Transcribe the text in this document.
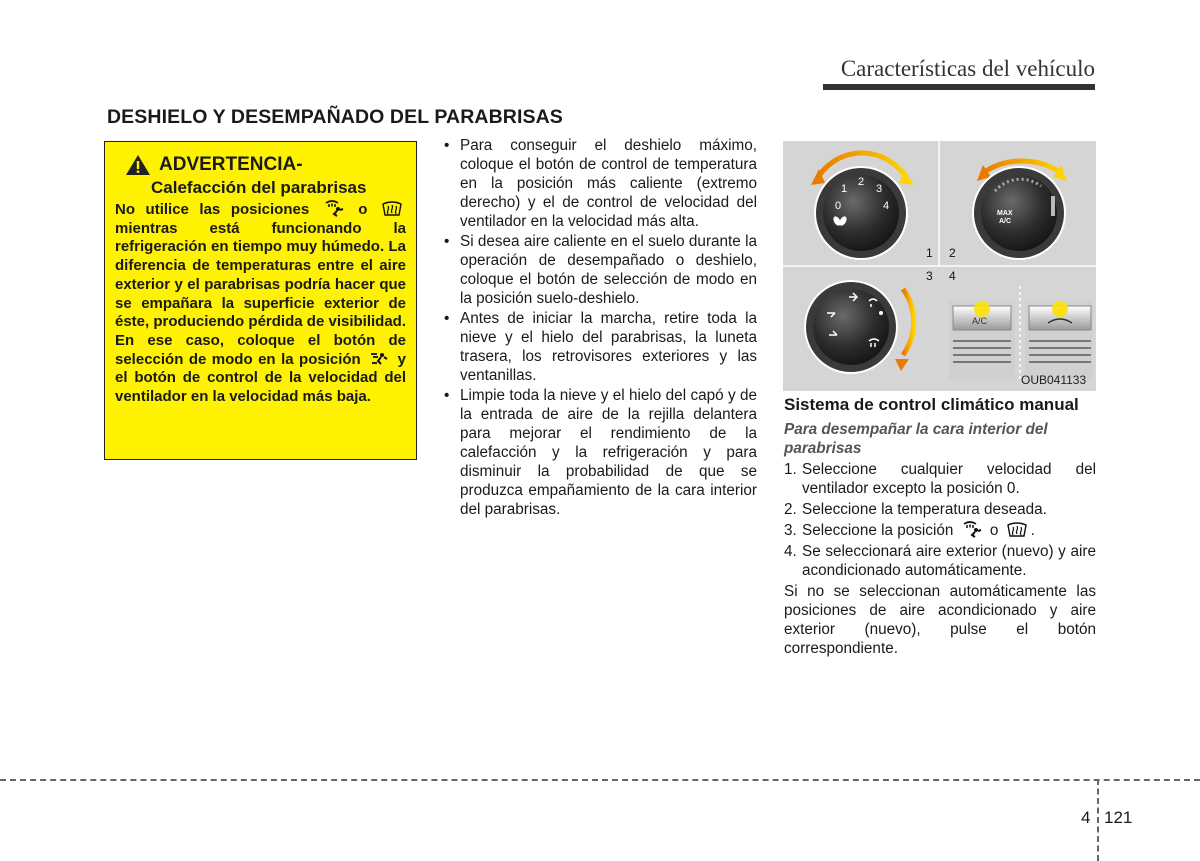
Características del vehículo
DESHIELO Y DESEMPAÑADO DEL PARABRISAS
ADVERTENCIA -
Calefacción del parabrisas
No utilice las posiciones	o  mientras está funcionando la refrigeración en tiempo muy húmedo. La diferencia de temperaturas entre el aire exterior y el parabrisas podría hacer que se empañara la superficie exterior de éste, produciendo pérdida de visibilidad. En ese caso, coloque el botón de selección de modo en la posición y el botón de control de la velocidad del ventilador en la velocidad más baja.
• Para conseguir el deshielo máximo, coloque el botón de control de temperatura en la posición más caliente (extremo derecho) y el de control de velocidad del ventilador en la velocidad más alta.
• Si desea aire caliente en el suelo durante la operación de desempañado o deshielo, coloque el botón de selección de modo en la posición suelo-deshielo.
• Antes de iniciar la marcha, retire toda la nieve y el hielo del parabrisas, la luneta trasera, los retrovisores exteriores y las ventanillas.
• Limpie toda la nieve y el hielo del capó y de la entrada de aire de la rejilla delantera para mejorar el rendimiento de la calefacción y la refrigeración y para disminuir la probabilidad de que se produzca empañamiento de la cara interior del parabrisas.
0
1
2
3
4
MAX
A/C
1 2
3 4
A/C
OUB041133
Sistema de control climático manual
Para desempañar la cara interior del parabrisas
1. Seleccione cualquier velocidad del ventilador excepto la posición 0.
2. Seleccione la temperatura deseada.
3. Seleccione la posición o .
4. Se seleccionará aire exterior (nuevo) y aire acondicionado automáticamente.
Si no se seleccionan automáticamente las posiciones de aire acondicionado y aire exterior (nuevo), pulse el botón correspondiente.
4 121
